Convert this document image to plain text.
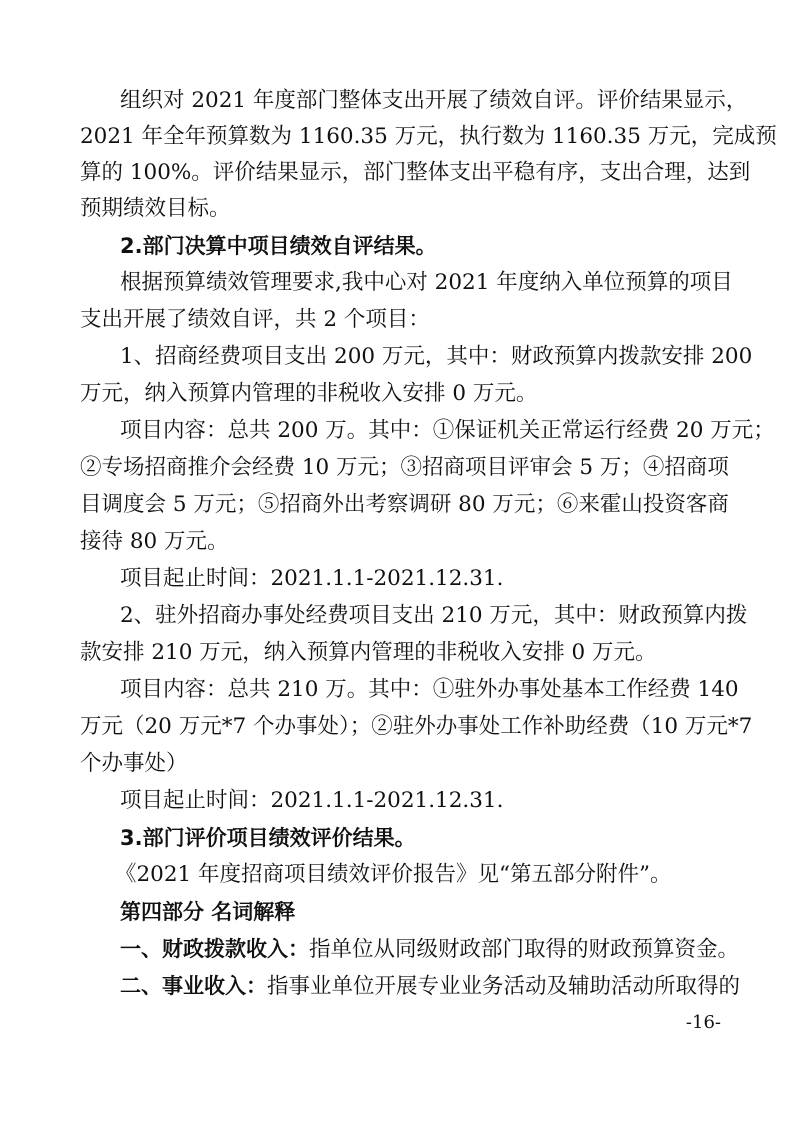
组织对 2021 年度部门整体支出开展了绩效自评。评价结果显示，
2021 年全年预算数为 1160.35 万元，执行数为 1160.35 万元，完成预
算的 100%。评价结果显示，部门整体支出平稳有序，支出合理，达到
预期绩效目标。
2.部门决算中项目绩效自评结果。
根据预算绩效管理要求,我中心对 2021 年度纳入单位预算的项目
支出开展了绩效自评，共 2 个项目：
1、招商经费项目支出 200 万元，其中：财政预算内拨款安排 200
万元，纳入预算内管理的非税收入安排 0 万元。
项目内容：总共 200 万。其中：①保证机关正常运行经费 20 万元；
②专场招商推介会经费 10 万元；③招商项目评审会 5 万；④招商项
目调度会 5 万元；⑤招商外出考察调研 80 万元；⑥来霍山投资客商
接待 80 万元。
项目起止时间：2021.1.1-2021.12.31.
2、驻外招商办事处经费项目支出 210 万元，其中：财政预算内拨
款安排 210 万元，纳入预算内管理的非税收入安排 0 万元。
项目内容：总共 210 万。其中：①驻外办事处基本工作经费 140
万元（20 万元*7 个办事处）；②驻外办事处工作补助经费（10 万元*7
个办事处）
项目起止时间：2021.1.1-2021.12.31.
3.部门评价项目绩效评价结果。
《2021 年度招商项目绩效评价报告》见“第五部分附件”。
第四部分 名词解释
一、财政拨款收入：指单位从同级财政部门取得的财政预算资金。
二、事业收入：指事业单位开展专业业务活动及辅助活动所取得的
-16-
